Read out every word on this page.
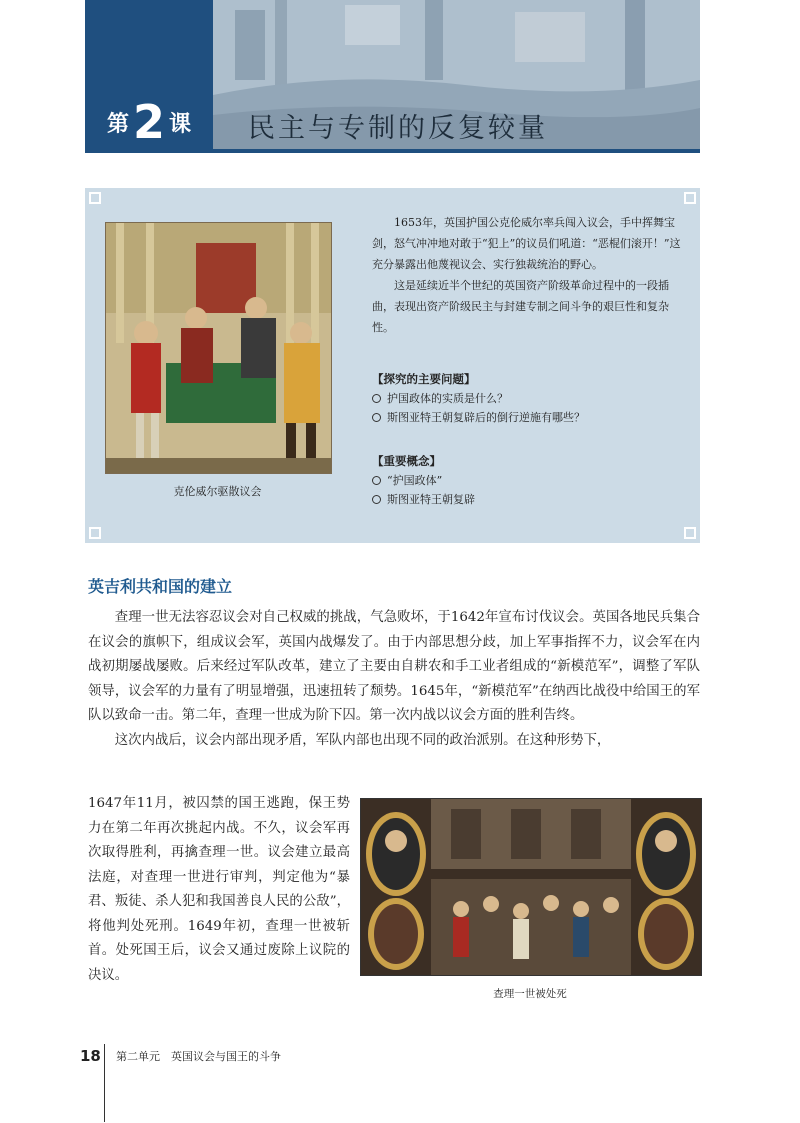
第 2 课 民主与专制的反复较量
克伦威尔驱散议会

1653年，英国护国公克伦威尔率兵闯入议会，手中挥舞宝剑，怒气冲冲地对敢于“犯上”的议员们吼道：“恶棍们滚开！”这充分暴露出他蔑视议会、实行独裁统治的野心。

这是延续近半个世纪的英国资产阶级革命过程中的一段插曲，表现出资产阶级民主与封建专制之间斗争的艰巨性和复杂性。

【探究的主要问题】
护国政体的实质是什么？
斯图亚特王朝复辟后的倒行逆施有哪些？
【重要概念】
“护国政体”
斯图亚特王朝复辟
英吉利共和国的建立

查理一世无法容忍议会对自己权威的挑战，气急败坏，于1642年宣布讨伐议会。英国各地民兵集合在议会的旗帜下，组成议会军，英国内战爆发了。由于内部思想分歧，加上军事指挥不力，议会军在内战初期屡战屡败。后来经过军队改革，建立了主要由自耕农和手工业者组成的“新模范军”，调整了军队领导，议会军的力量有了明显增强，迅速扭转了颓势。1645年，“新模范军”在纳西比战役中给国王的军队以致命一击。第二年，查理一世成为阶下囚。第一次内战以议会方面的胜利告终。

这次内战后，议会内部出现矛盾，军队内部也出现不同的政治派别。在这种形势下，

1647年11月，被囚禁的国王逃跑，保王势力在第二年再次挑起内战。不久，议会军再次取得胜利，再擒查理一世。议会建立最高法庭，对查理一世进行审判，判定他为“暴君、叛徒、杀人犯和我国善良人民的公敌”，将他判处死刑。1649年初，查理一世被斩首。处死国王后，议会又通过废除上议院的决议。

查理一世被处死
18 第二单元　英国议会与国王的斗争
